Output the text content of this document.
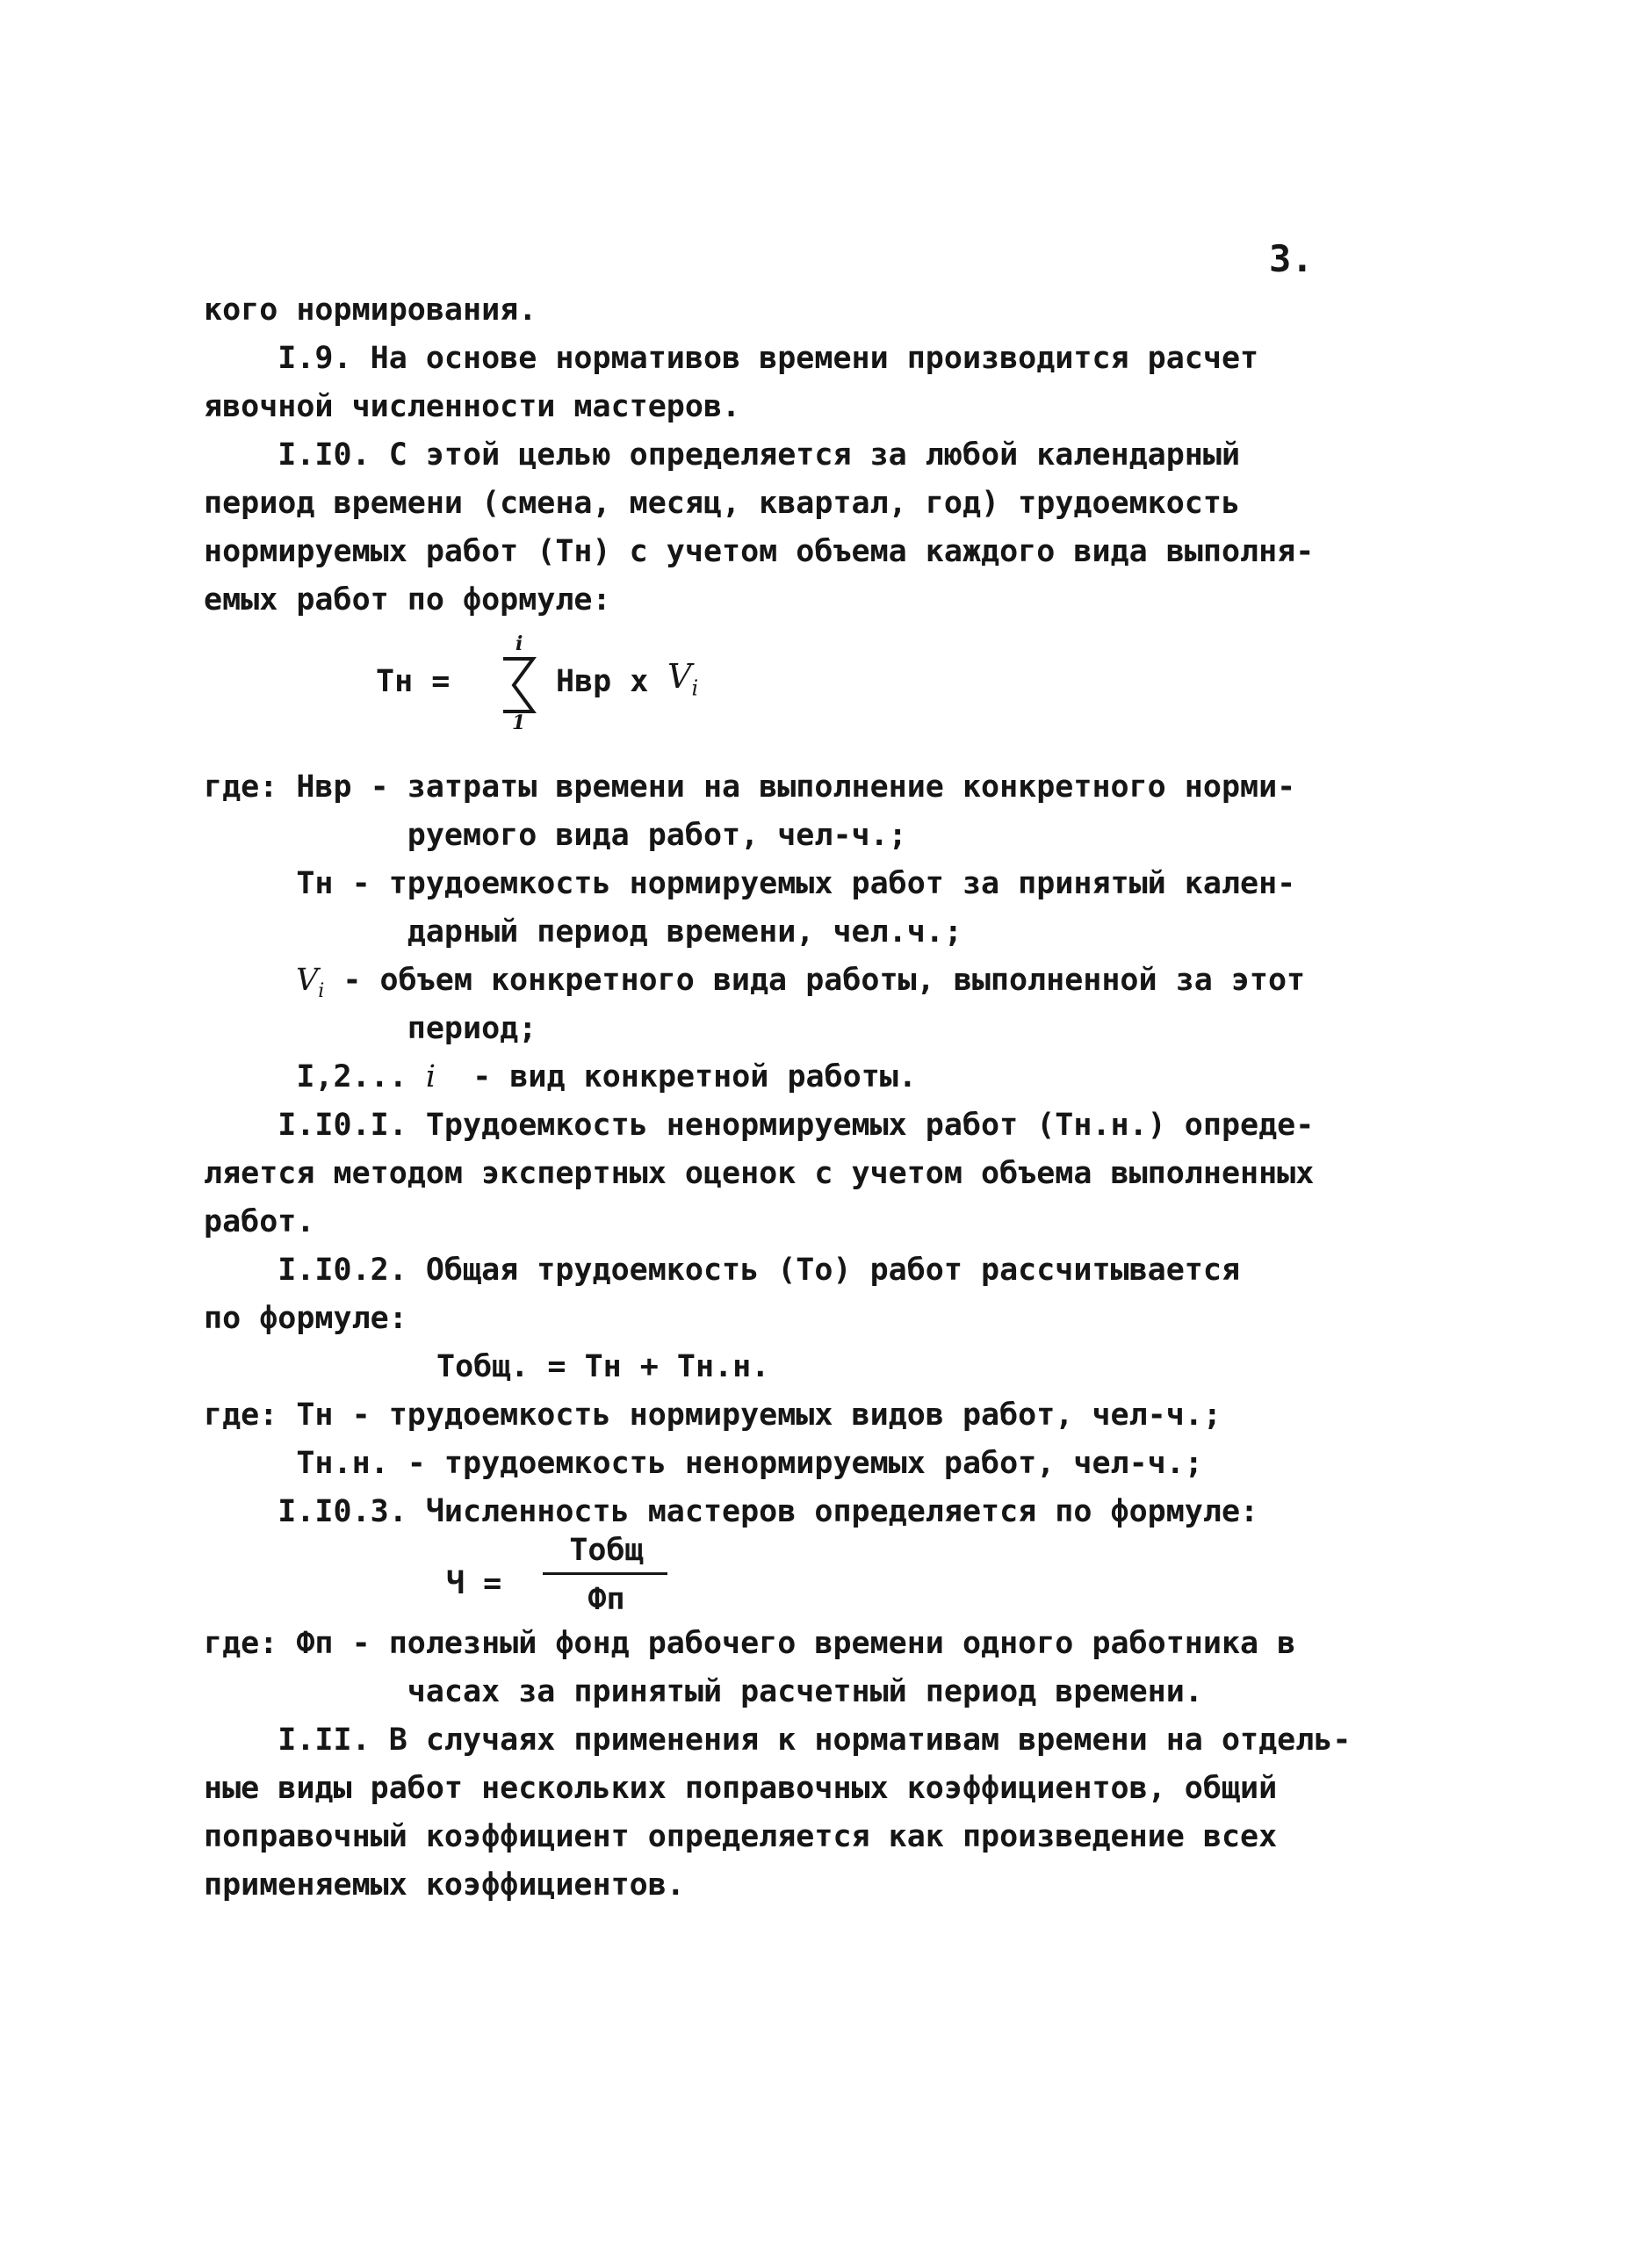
3.
кого нормирования.
I.9. На основе нормативов времени производится расчет
явочной численности мастеров.
I.I0. С этой целью определяется за любой календарный
период времени (смена, месяц, квартал, год) трудоемкость
нормируемых работ (Тн) с учетом объема каждого вида выполня-
емых работ по формуле:
Тн =
i
1
Нвр x $V_i$
где: Нвр - затраты времени на выполнение конкретного норми-
руемого вида работ, чел-ч.;
Тн - трудоемкость нормируемых работ за принятый кален-
дарный период времени, чел.ч.;
$V_i$ - объем конкретного вида работы, выполненной за этот
период;
I,2... i  - вид конкретной работы.
I.I0.I. Трудоемкость ненормируемых работ (Тн.н.) опреде-
ляется методом экспертных оценок с учетом объема выполненных
работ.
I.I0.2. Общая трудоемкость (То) работ рассчитывается
по формуле:
Тобщ. = Тн + Тн.н.
где: Тн - трудоемкость нормируемых видов работ, чел-ч.;
Тн.н. - трудоемкость ненормируемых работ, чел-ч.;
I.I0.3. Численность мастеров определяется по формуле:
Ч =
Тобщ
Фп
где: Фп - полезный фонд рабочего времени одного работника в
часах за принятый расчетный период времени.
I.II. В случаях применения к нормативам времени на отдель-
ные виды работ нескольких поправочных коэффициентов, общий
поправочный коэффициент определяется как произведение всех
применяемых коэффициентов.
